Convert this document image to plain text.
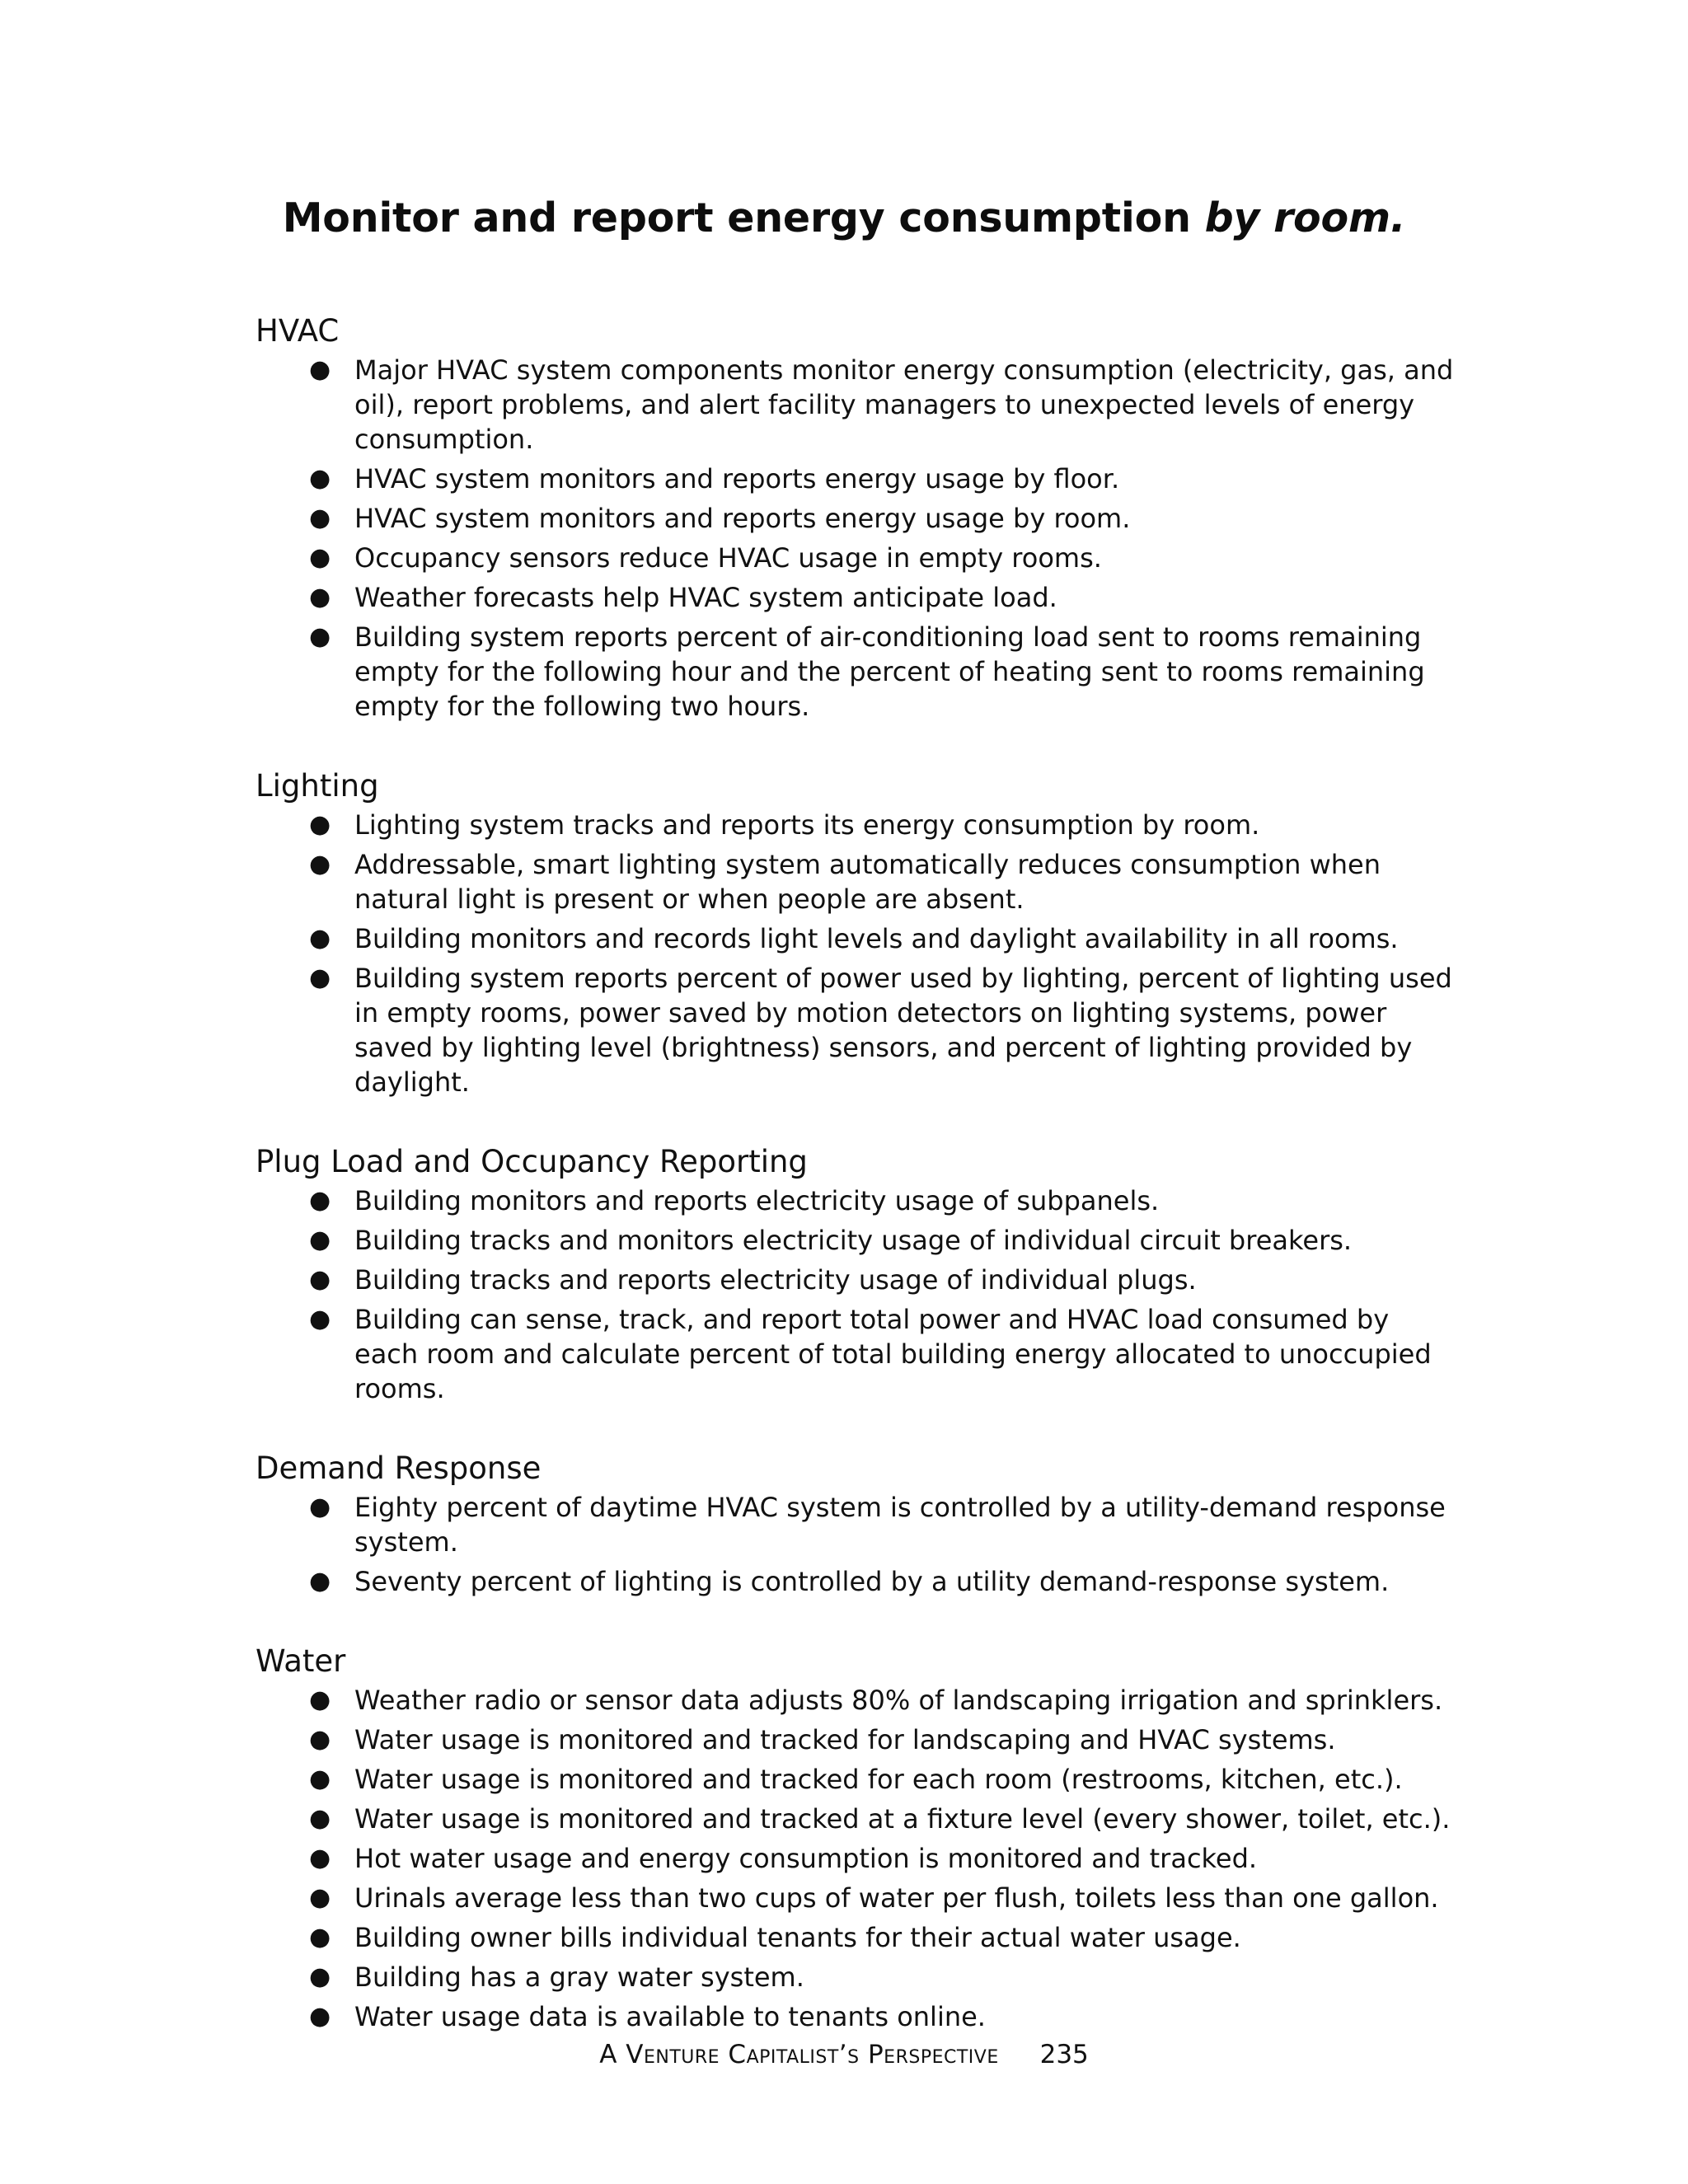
Monitor and report energy consumption by room.
HVAC
● Major HVAC system components monitor energy consumption (electricity, gas, and oil), report problems, and alert facility managers to unexpected levels of energy consumption.
● HVAC system monitors and reports energy usage by floor.
● HVAC system monitors and reports energy usage by room.
● Occupancy sensors reduce HVAC usage in empty rooms.
● Weather forecasts help HVAC system anticipate load.
● Building system reports percent of air-conditioning load sent to rooms remaining empty for the following hour and the percent of heating sent to rooms remaining empty for the following two hours.
Lighting
● Lighting system tracks and reports its energy consumption by room.
● Addressable, smart lighting system automatically reduces consumption when natural light is present or when people are absent.
● Building monitors and records light levels and daylight availability in all rooms.
● Building system reports percent of power used by lighting, percent of lighting used in empty rooms, power saved by motion detectors on lighting systems, power saved by lighting level (brightness) sensors, and percent of lighting provided by daylight.
Plug Load and Occupancy Reporting
● Building monitors and reports electricity usage of subpanels.
● Building tracks and monitors electricity usage of individual circuit breakers.
● Building tracks and reports electricity usage of individual plugs.
● Building can sense, track, and report total power and HVAC load consumed by each room and calculate percent of total building energy allocated to unoccupied rooms.
Demand Response
● Eighty percent of daytime HVAC system is controlled by a utility-demand response system.
● Seventy percent of lighting is controlled by a utility demand-response system.
Water
● Weather radio or sensor data adjusts 80% of landscaping irrigation and sprinklers.
● Water usage is monitored and tracked for landscaping and HVAC systems.
● Water usage is monitored and tracked for each room (restrooms, kitchen, etc.).
● Water usage is monitored and tracked at a fixture level (every shower, toilet, etc.).
● Hot water usage and energy consumption is monitored and tracked.
● Urinals average less than two cups of water per flush, toilets less than one gallon.
● Building owner bills individual tenants for their actual water usage.
● Building has a gray water system.
● Water usage data is available to tenants online.
A Venture Capitalist’s Perspective 235
